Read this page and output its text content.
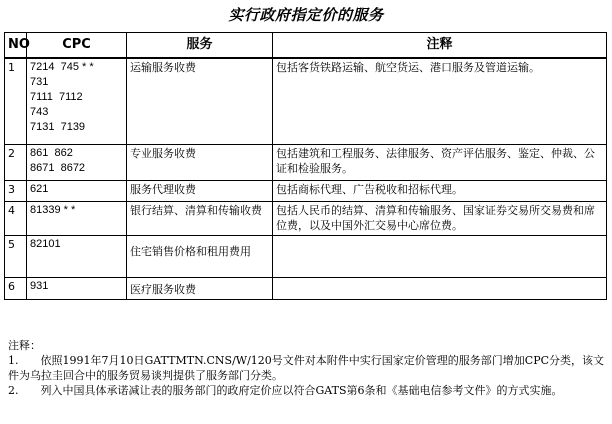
实行政府指定价的服务
NO	CPC	服务	注释
1	7214  745 * *
731
7111  7112
743
7131  7139	运输服务收费	包括客货铁路运输、航空货运、港口服务及管道运输。
2	861  862
8671  8672	专业服务收费	包括建筑和工程服务、法律服务、资产评估服务、鉴定、仲裁、公证和检验服务。
3	621	服务代理收费	包括商标代理、广告税收和招标代理。
4	81339 * *	银行结算、清算和传输收费	包括人民币的结算、清算和传输服务、国家证券交易所交易费和席位费，以及中国外汇交易中心席位费。
5	82101	住宅销售价格和租用费用	
6	931	医疗服务收费	

注释：

1.　　依照1991年7月10日GATTMTN.CNS/W/120号文件对本附件中实行国家定价管理的服务部门增加CPC分类，该文件为乌拉圭回合中的服务贸易谈判提供了服务部门分类。

2.　　列入中国具体承诺减让表的服务部门的政府定价应以符合GATS第6条和《基础电信参考文件》的方式实施。
